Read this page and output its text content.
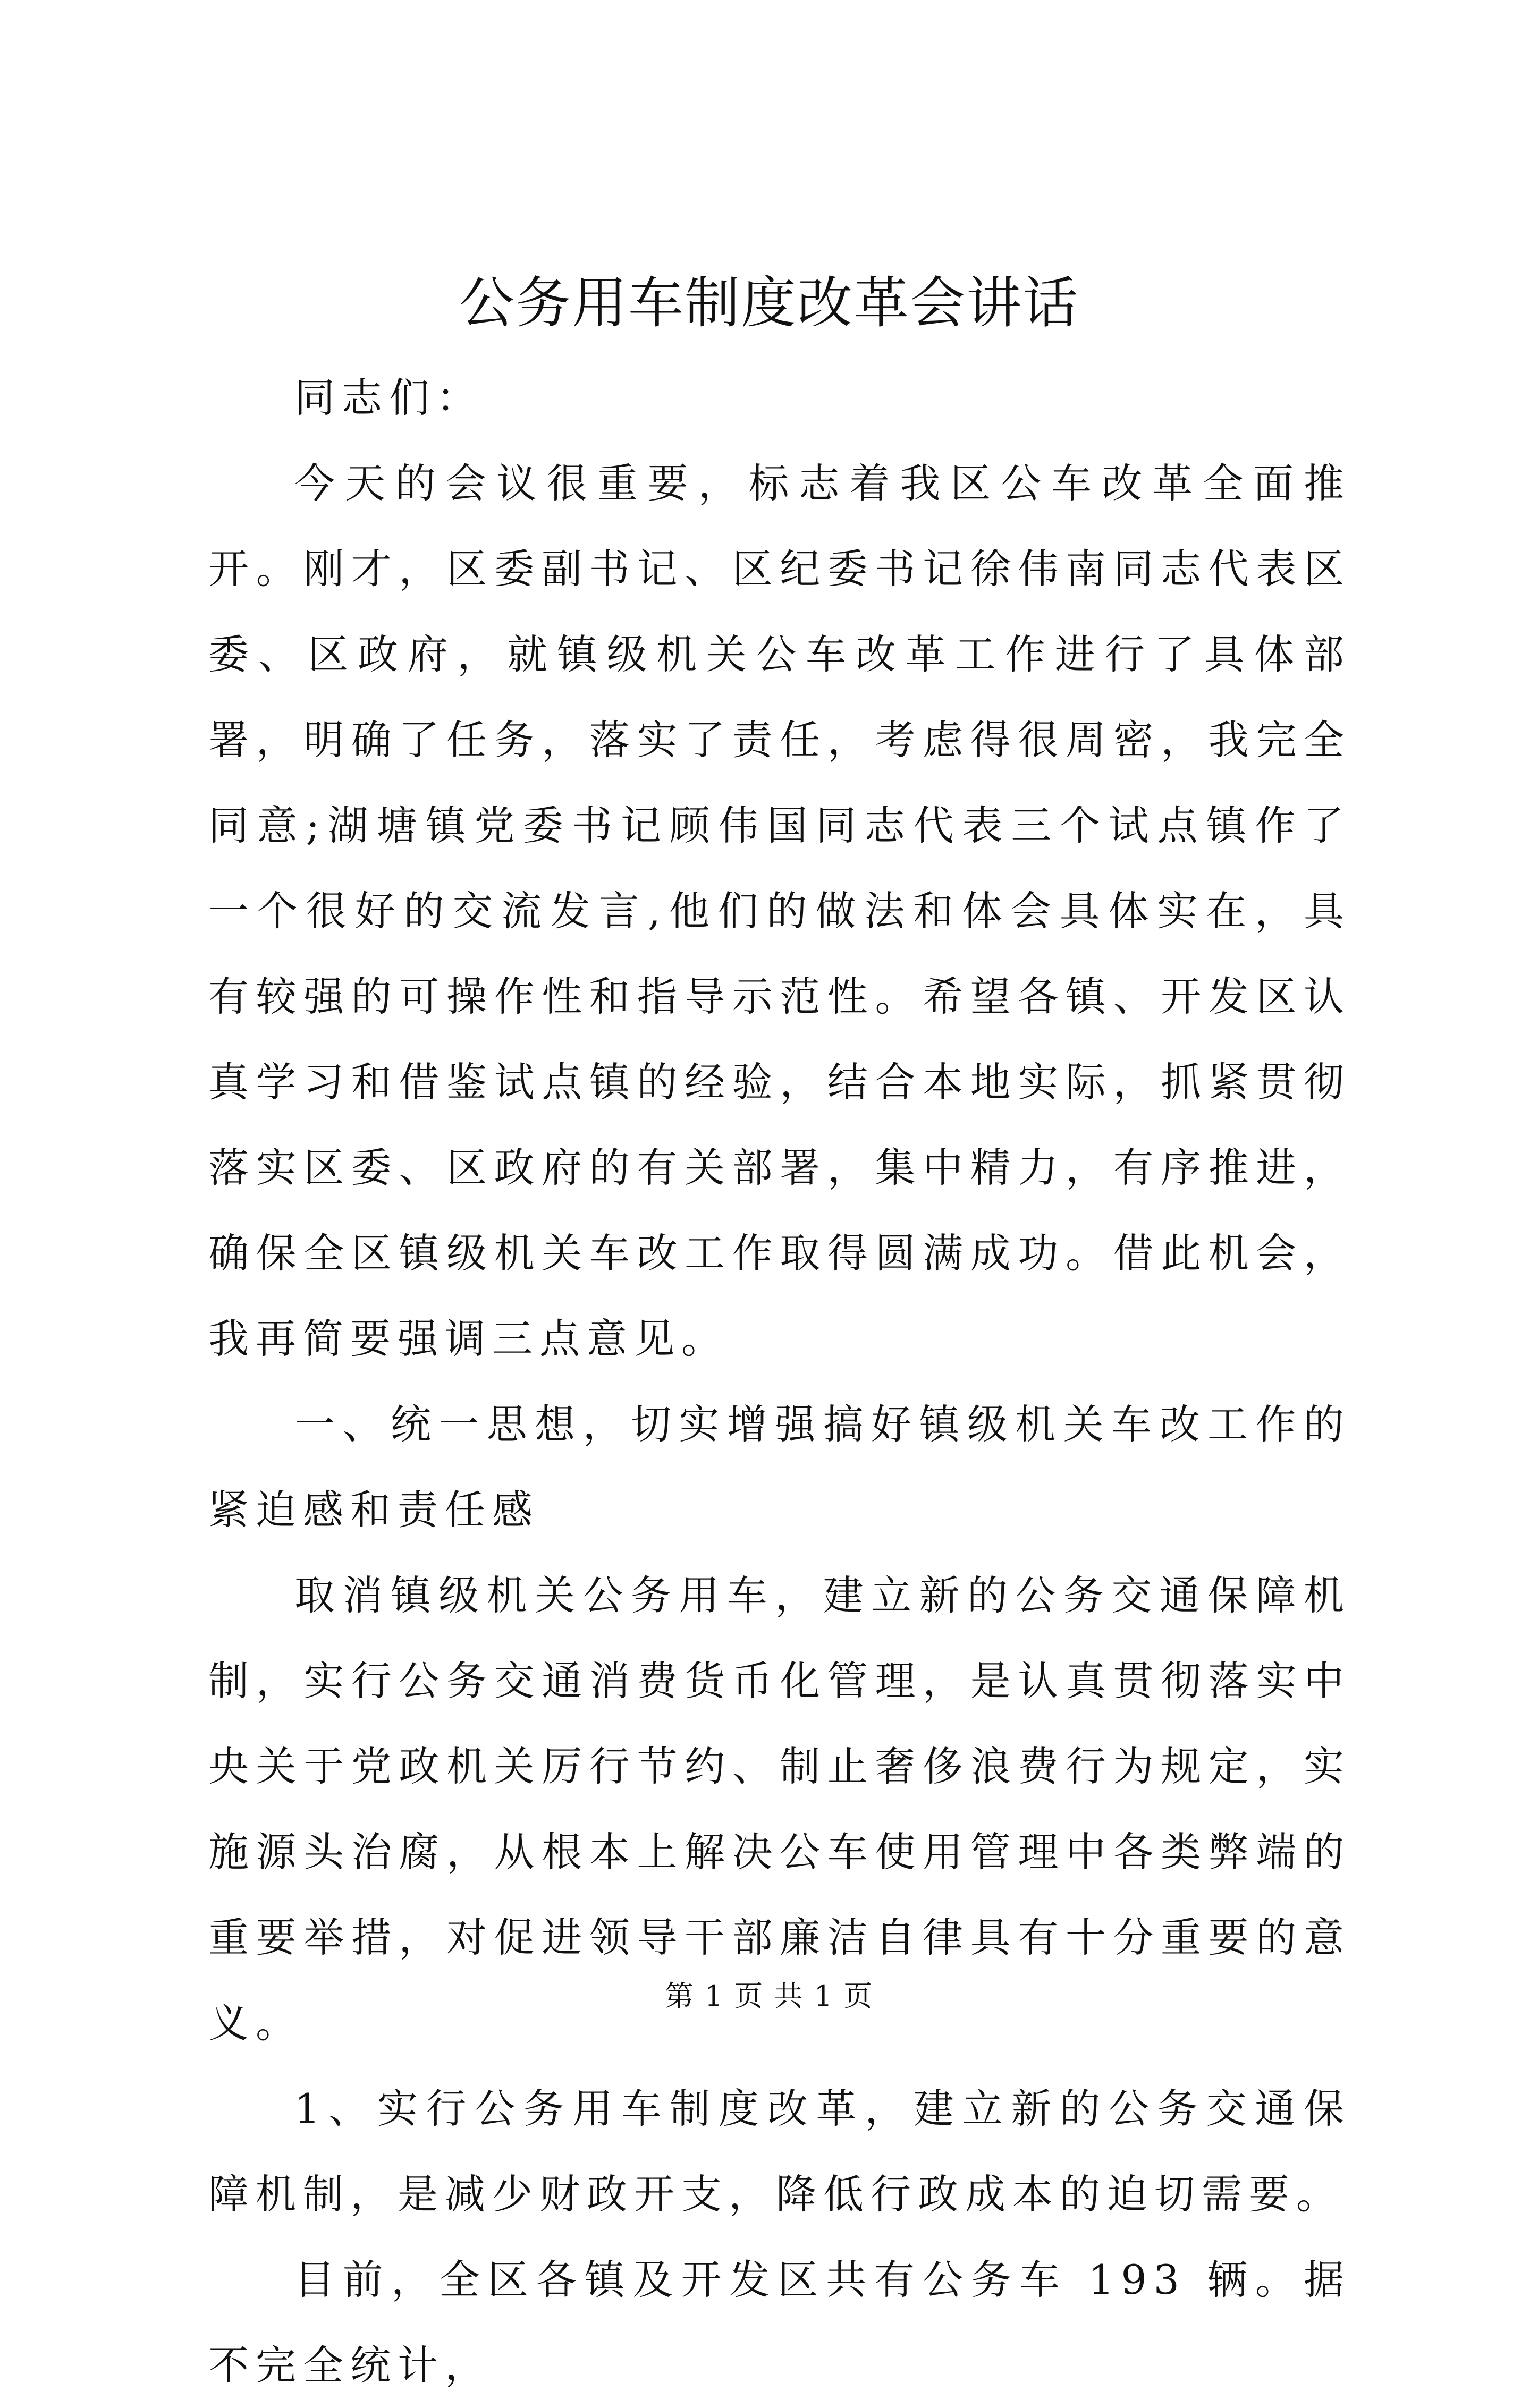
公务用车制度改革会讲话

同志们：

今天的会议很重要，标志着我区公车改革全面推开。刚才，区委副书记、区纪委书记徐伟南同志代表区委、区政府，就镇级机关公车改革工作进行了具体部署，明确了任务，落实了责任，考虑得很周密，我完全同意;湖塘镇党委书记顾伟国同志代表三个试点镇作了一个很好的交流发言,他们的做法和体会具体实在，具有较强的可操作性和指导示范性。希望各镇、开发区认真学习和借鉴试点镇的经验，结合本地实际，抓紧贯彻落实区委、区政府的有关部署，集中精力，有序推进，确保全区镇级机关车改工作取得圆满成功。借此机会，我再简要强调三点意见。

一、统一思想，切实增强搞好镇级机关车改工作的紧迫感和责任感

取消镇级机关公务用车，建立新的公务交通保障机制，实行公务交通消费货币化管理，是认真贯彻落实中央关于党政机关厉行节约、制止奢侈浪费行为规定，实施源头治腐，从根本上解决公车使用管理中各类弊端的重要举措，对促进领导干部廉洁自律具有十分重要的意义。

1、实行公务用车制度改革，建立新的公务交通保障机制，是减少财政开支，降低行政成本的迫切需要。

目前，全区各镇及开发区共有公务车 193 辆。据不完全统计，

第 1 页 共 1 页
